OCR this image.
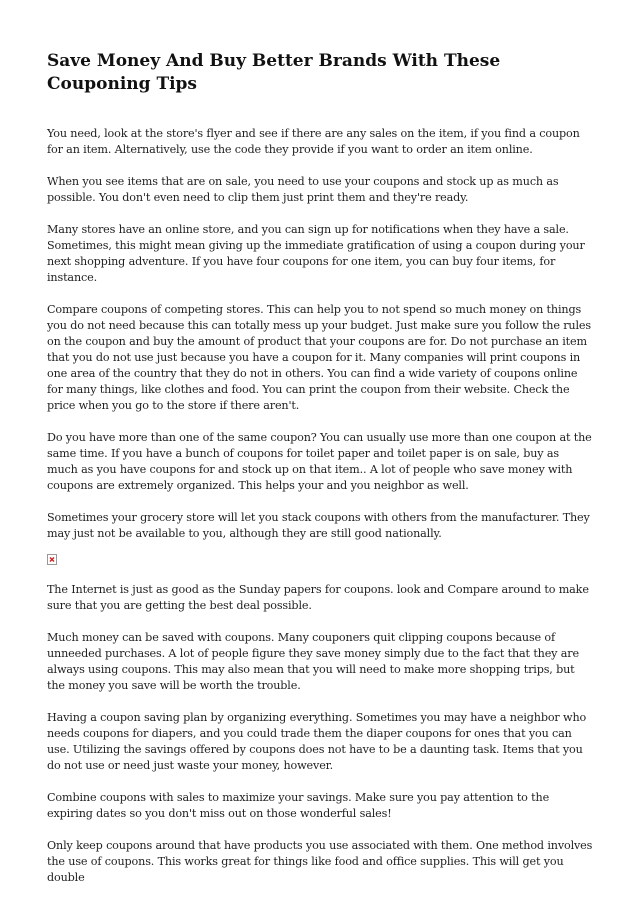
Save Money And Buy Better Brands With These Couponing Tips

You need, look at the store's flyer and see if there are any sales on the item, if you find a coupon for an item. Alternatively, use the code they provide if you want to order an item online.

When you see items that are on sale, you need to use your coupons and stock up as much as possible. You don't even need to clip them just print them and they're ready.

Many stores have an online store, and you can sign up for notifications when they have a sale. Sometimes, this might mean giving up the immediate gratification of using a coupon during your next shopping adventure. If you have four coupons for one item, you can buy four items, for instance.

Compare coupons of competing stores. This can help you to not spend so much money on things you do not need because this can totally mess up your budget. Just make sure you follow the rules on the coupon and buy the amount of product that your coupons are for. Do not purchase an item that you do not use just because you have a coupon for it. Many companies will print coupons in one area of the country that they do not in others. You can find a wide variety of coupons online for many things, like clothes and food. You can print the coupon from their website. Check the price when you go to the store if there aren't.

Do you have more than one of the same coupon? You can usually use more than one coupon at the same time. If you have a bunch of coupons for toilet paper and toilet paper is on sale, buy as much as you have coupons for and stock up on that item.. A lot of people who save money with coupons are extremely organized. This helps your and you neighbor as well.

Sometimes your grocery store will let you stack coupons with others from the manufacturer. They may just not be available to you, although they are still good nationally.

The Internet is just as good as the Sunday papers for coupons. look and Compare around to make sure that you are getting the best deal possible.

Much money can be saved with coupons. Many couponers quit clipping coupons because of unneeded purchases. A lot of people figure they save money simply due to the fact that they are always using coupons. This may also mean that you will need to make more shopping trips, but the money you save will be worth the trouble.

Having a coupon saving plan by organizing everything. Sometimes you may have a neighbor who needs coupons for diapers, and you could trade them the diaper coupons for ones that you can use. Utilizing the savings offered by coupons does not have to be a daunting task. Items that you do not use or need just waste your money, however.

Combine coupons with sales to maximize your savings. Make sure you pay attention to the expiring dates so you don't miss out on those wonderful sales!

Only keep coupons around that have products you use associated with them. One method involves the use of coupons. This works great for things like food and office supplies. This will get you double
